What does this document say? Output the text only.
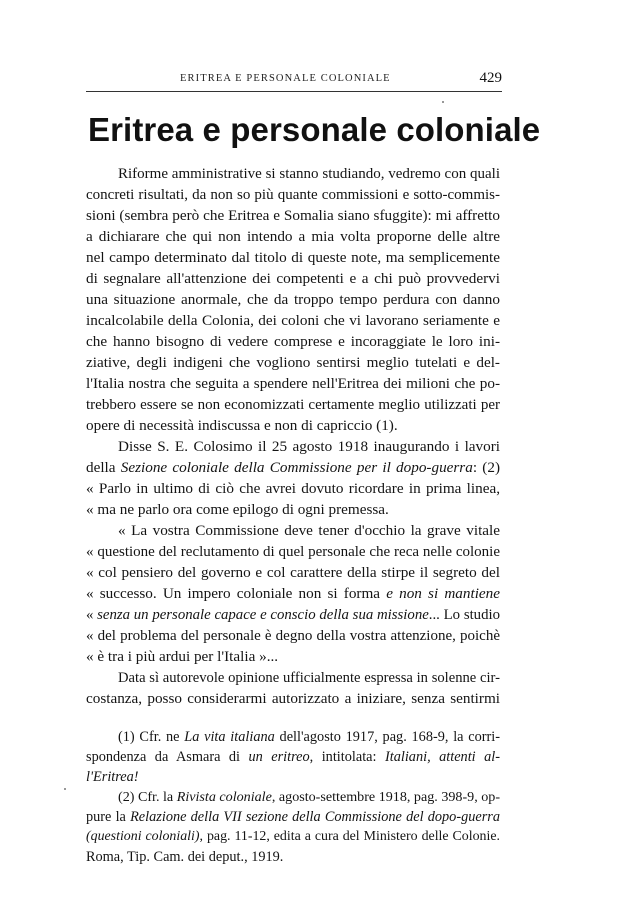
ERITREA E PERSONALE COLONIALE	429
Eritrea e personale coloniale
Riforme amministrative si stanno studiando, vedremo con quali
concreti risultati, da non so più quante commissioni e sotto-commis-
sioni (sembra però che Eritrea e Somalia siano sfuggite): mi affretto
a dichiarare che qui non intendo a mia volta proporne delle altre
nel campo determinato dal titolo di queste note, ma semplicemente
di segnalare all'attenzione dei competenti e a chi può provvedervi
una situazione anormale, che da troppo tempo perdura con danno
incalcolabile della Colonia, dei coloni che vi lavorano seriamente e
che hanno bisogno di vedere comprese e incoraggiate le loro ini-
ziative, degli indigeni che vogliono sentirsi meglio tutelati e del-
l'Italia nostra che seguita a spendere nell'Eritrea dei milioni che po-
trebbero essere se non economizzati certamente meglio utilizzati per
opere di necessità indiscussa e non di capriccio (1).
Disse S. E. Colosimo il 25 agosto 1918 inaugurando i lavori
della Sezione coloniale della Commissione per il dopo-guerra: (2)
« Parlo in ultimo di ciò che avrei dovuto ricordare in prima linea,
« ma ne parlo ora come epilogo di ogni premessa.
« La vostra Commissione deve tener d'occhio la grave vitale
« questione del reclutamento di quel personale che reca nelle colonie
« col pensiero del governo e col carattere della stirpe il segreto del
« successo. Un impero coloniale non si forma e non si mantiene
« senza un personale capace e conscio della sua missione... Lo studio
« del problema del personale è degno della vostra attenzione, poichè
« è tra i più ardui per l'Italia »...
Data sì autorevole opinione ufficialmente espressa in solenne cir-
costanza, posso considerarmi autorizzato a iniziare, senza sentirmi
(1) Cfr. ne La vita italiana dell'agosto 1917, pag. 168-9, la corri-
spondenza da Asmara di un eritreo, intitolata: Italiani, attenti al-
l'Eritrea!
(2) Cfr. la Rivista coloniale, agosto-settembre 1918, pag. 398-9, op-
pure la Relazione della VII sezione della Commissione del dopo-guerra
(questioni coloniali), pag. 11-12, edita a cura del Ministero delle Colonie.
Roma, Tip. Cam. dei deput., 1919.
